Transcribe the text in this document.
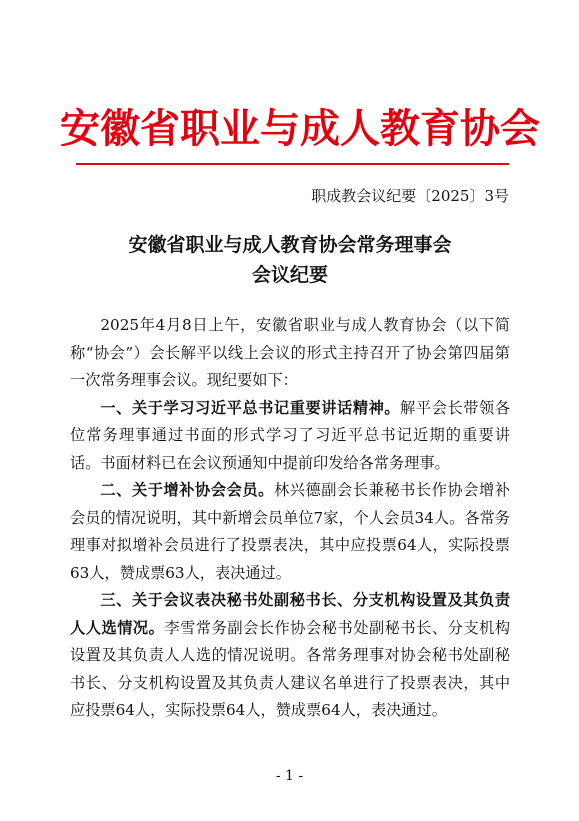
安徽省职业与成人教育协会
职成教会议纪要〔2025〕3号
安徽省职业与成人教育协会常务理事会
会议纪要

2025年4月8日上午，安徽省职业与成人教育协会（以下简称“协会”）会长解平以线上会议的形式主持召开了协会第四届第一次常务理事会议。现纪要如下：

一、关于学习习近平总书记重要讲话精神。解平会长带领各位常务理事通过书面的形式学习了习近平总书记近期的重要讲话。书面材料已在会议预通知中提前印发给各常务理事。

二、关于增补协会会员。林兴德副会长兼秘书长作协会增补会员的情况说明，其中新增会员单位7家，个人会员34人。各常务理事对拟增补会员进行了投票表决，其中应投票64人，实际投票63人，赞成票63人，表决通过。

三、关于会议表决秘书处副秘书长、分支机构设置及其负责人人选情况。李雪常务副会长作协会秘书处副秘书长、分支机构设置及其负责人人选的情况说明。各常务理事对协会秘书处副秘书长、分支机构设置及其负责人建议名单进行了投票表决，其中应投票64人，实际投票64人，赞成票64人，表决通过。

- 1 -
